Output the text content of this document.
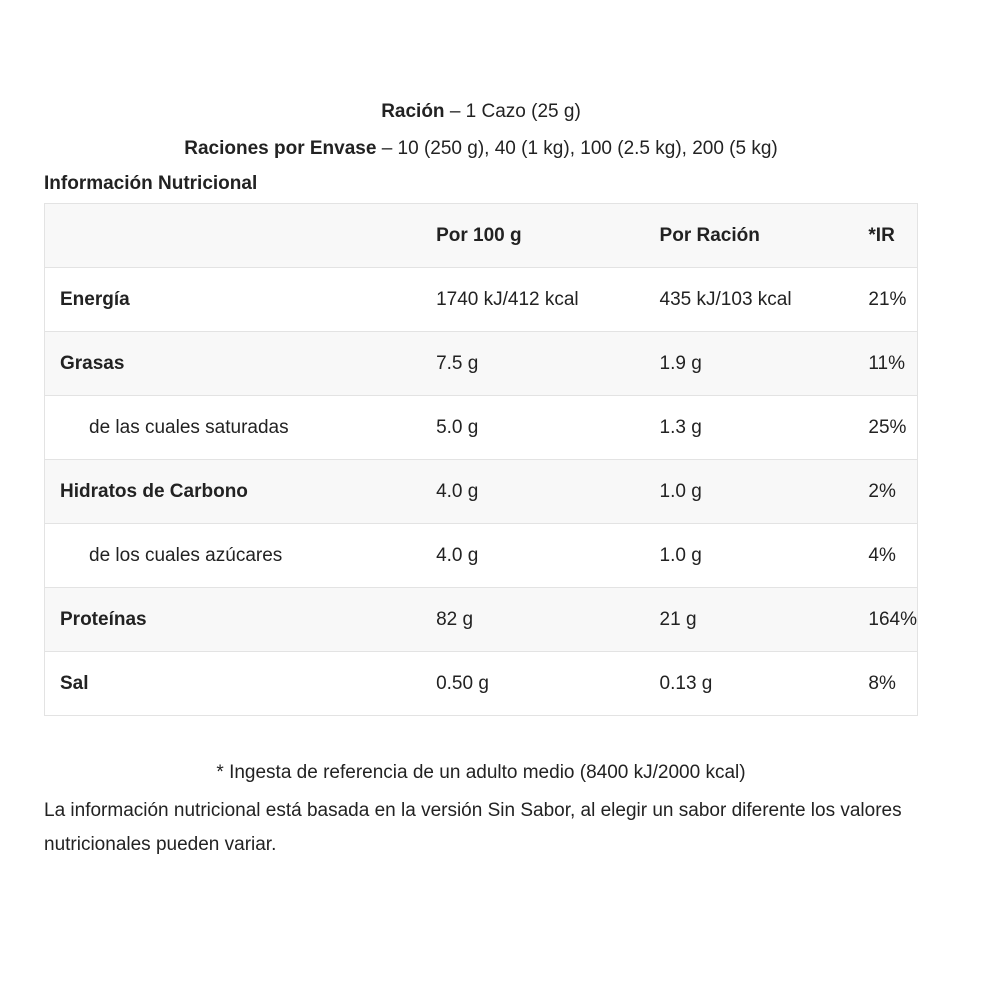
Ración – 1 Cazo (25 g)
Raciones por Envase – 10 (250 g), 40 (1 kg), 100 (2.5 kg), 200 (5 kg)
Información Nutricional
	Por 100 g	Por Ración	*IR
Energía	1740 kJ/412 kcal	435 kJ/103 kcal	21%
Grasas	7.5 g	1.9 g	11%
de las cuales saturadas	5.0 g	1.3 g	25%
Hidratos de Carbono	4.0 g	1.0 g	2%
de los cuales azúcares	4.0 g	1.0 g	4%
Proteínas	82 g	21 g	164%
Sal	0.50 g	0.13 g	8%
* Ingesta de referencia de un adulto medio (8400 kJ/2000 kcal)
La información nutricional está basada en la versión Sin Sabor, al elegir un sabor diferente los valores nutricionales pueden variar.
